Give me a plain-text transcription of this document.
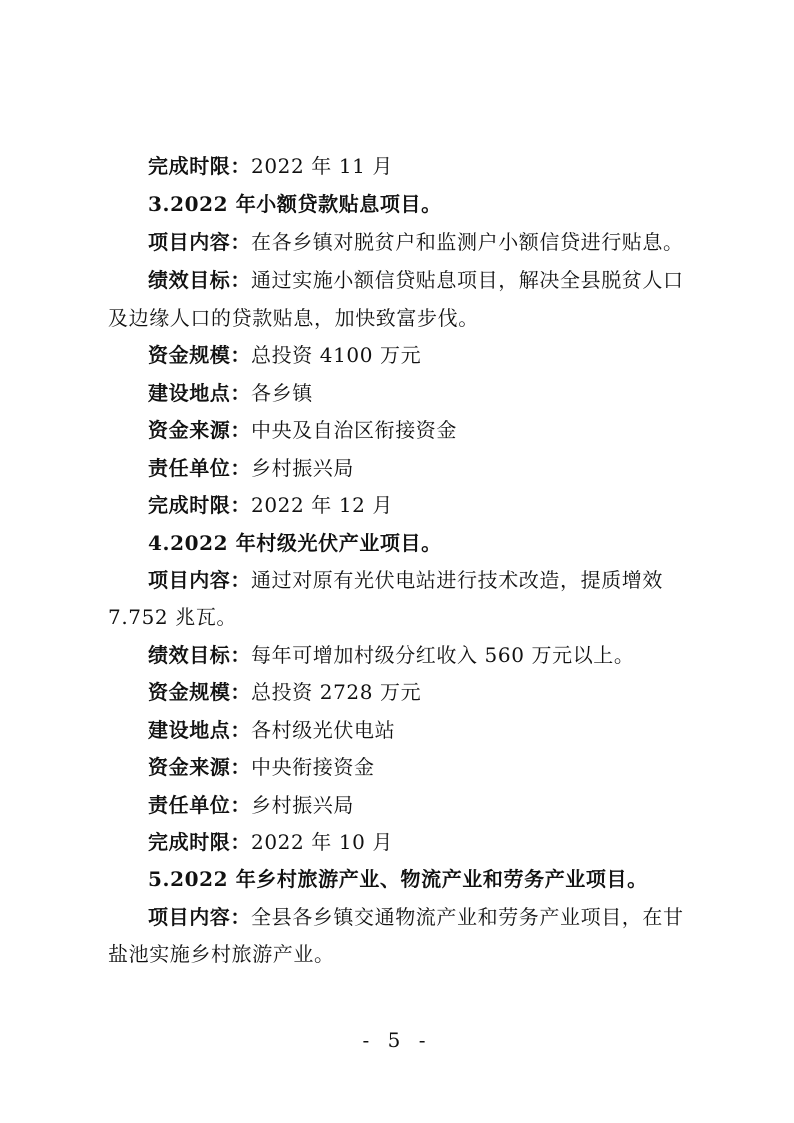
完成时限：2022 年 11 月
3.2022 年小额贷款贴息项目。
项目内容：在各乡镇对脱贫户和监测户小额信贷进行贴息。
绩效目标：通过实施小额信贷贴息项目，解决全县脱贫人口
及边缘人口的贷款贴息，加快致富步伐。
资金规模：总投资 4100 万元
建设地点：各乡镇
资金来源：中央及自治区衔接资金
责任单位：乡村振兴局
完成时限：2022 年 12 月
4.2022 年村级光伏产业项目。
项目内容：通过对原有光伏电站进行技术改造，提质增效
7.752 兆瓦。
绩效目标：每年可增加村级分红收入 560 万元以上。
资金规模：总投资 2728 万元
建设地点：各村级光伏电站
资金来源：中央衔接资金
责任单位：乡村振兴局
完成时限：2022 年 10 月
5.2022 年乡村旅游产业、物流产业和劳务产业项目。
项目内容：全县各乡镇交通物流产业和劳务产业项目，在甘
盐池实施乡村旅游产业。
- 5 -
